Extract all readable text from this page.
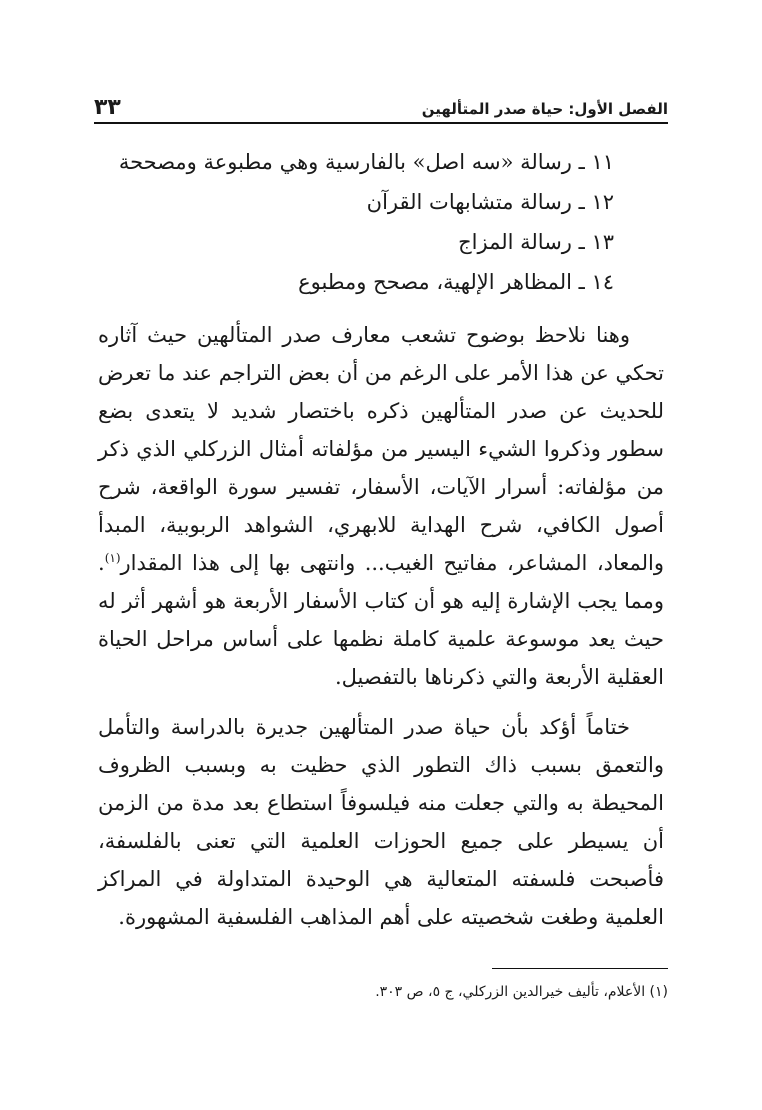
الفصل الأول: حياة صدر المتألهين
٣٣
١١ ـ رسالة «سه اصل» بالفارسية وهي مطبوعة ومصححة
١٢ ـ رسالة متشابهات القرآن
١٣ ـ رسالة المزاج
١٤ ـ المظاهر الإلهية، مصحح ومطبوع

وهنا نلاحظ بوضوح تشعب معارف صدر المتألهين حيث آثاره تحكي عن هذا الأمر على الرغم من أن بعض التراجم عند ما تعرض للحديث عن صدر المتألهين ذكره باختصار شديد لا يتعدى بضع سطور وذكروا الشيء اليسير من مؤلفاته أمثال الزركلي الذي ذكر من مؤلفاته: أسرار الآيات، الأسفار، تفسير سورة الواقعة، شرح أصول الكافي، شرح الهداية للابهري، الشواهد الربوبية، المبدأ والمعاد، المشاعر، مفاتيح الغيب... وانتهى بها إلى هذا المقدار$^{(١)}$. ومما يجب الإشارة إليه هو أن كتاب الأسفار الأربعة هو أشهر أثر له حيث يعد موسوعة علمية كاملة نظمها على أساس مراحل الحياة العقلية الأربعة والتي ذكرناها بالتفصيل.

ختاماً أؤكد بأن حياة صدر المتألهين جديرة بالدراسة والتأمل والتعمق بسبب ذاك التطور الذي حظيت به وبسبب الظروف المحيطة به والتي جعلت منه فيلسوفاً استطاع بعد مدة من الزمن أن يسيطر على جميع الحوزات العلمية التي تعنى بالفلسفة، فأصبحت فلسفته المتعالية هي الوحيدة المتداولة في المراكز العلمية وطغت شخصيته على أهم المذاهب الفلسفية المشهورة.

(١) الأعلام، تأليف خيرالدين الزركلي، ج ٥، ص ٣٠٣.
